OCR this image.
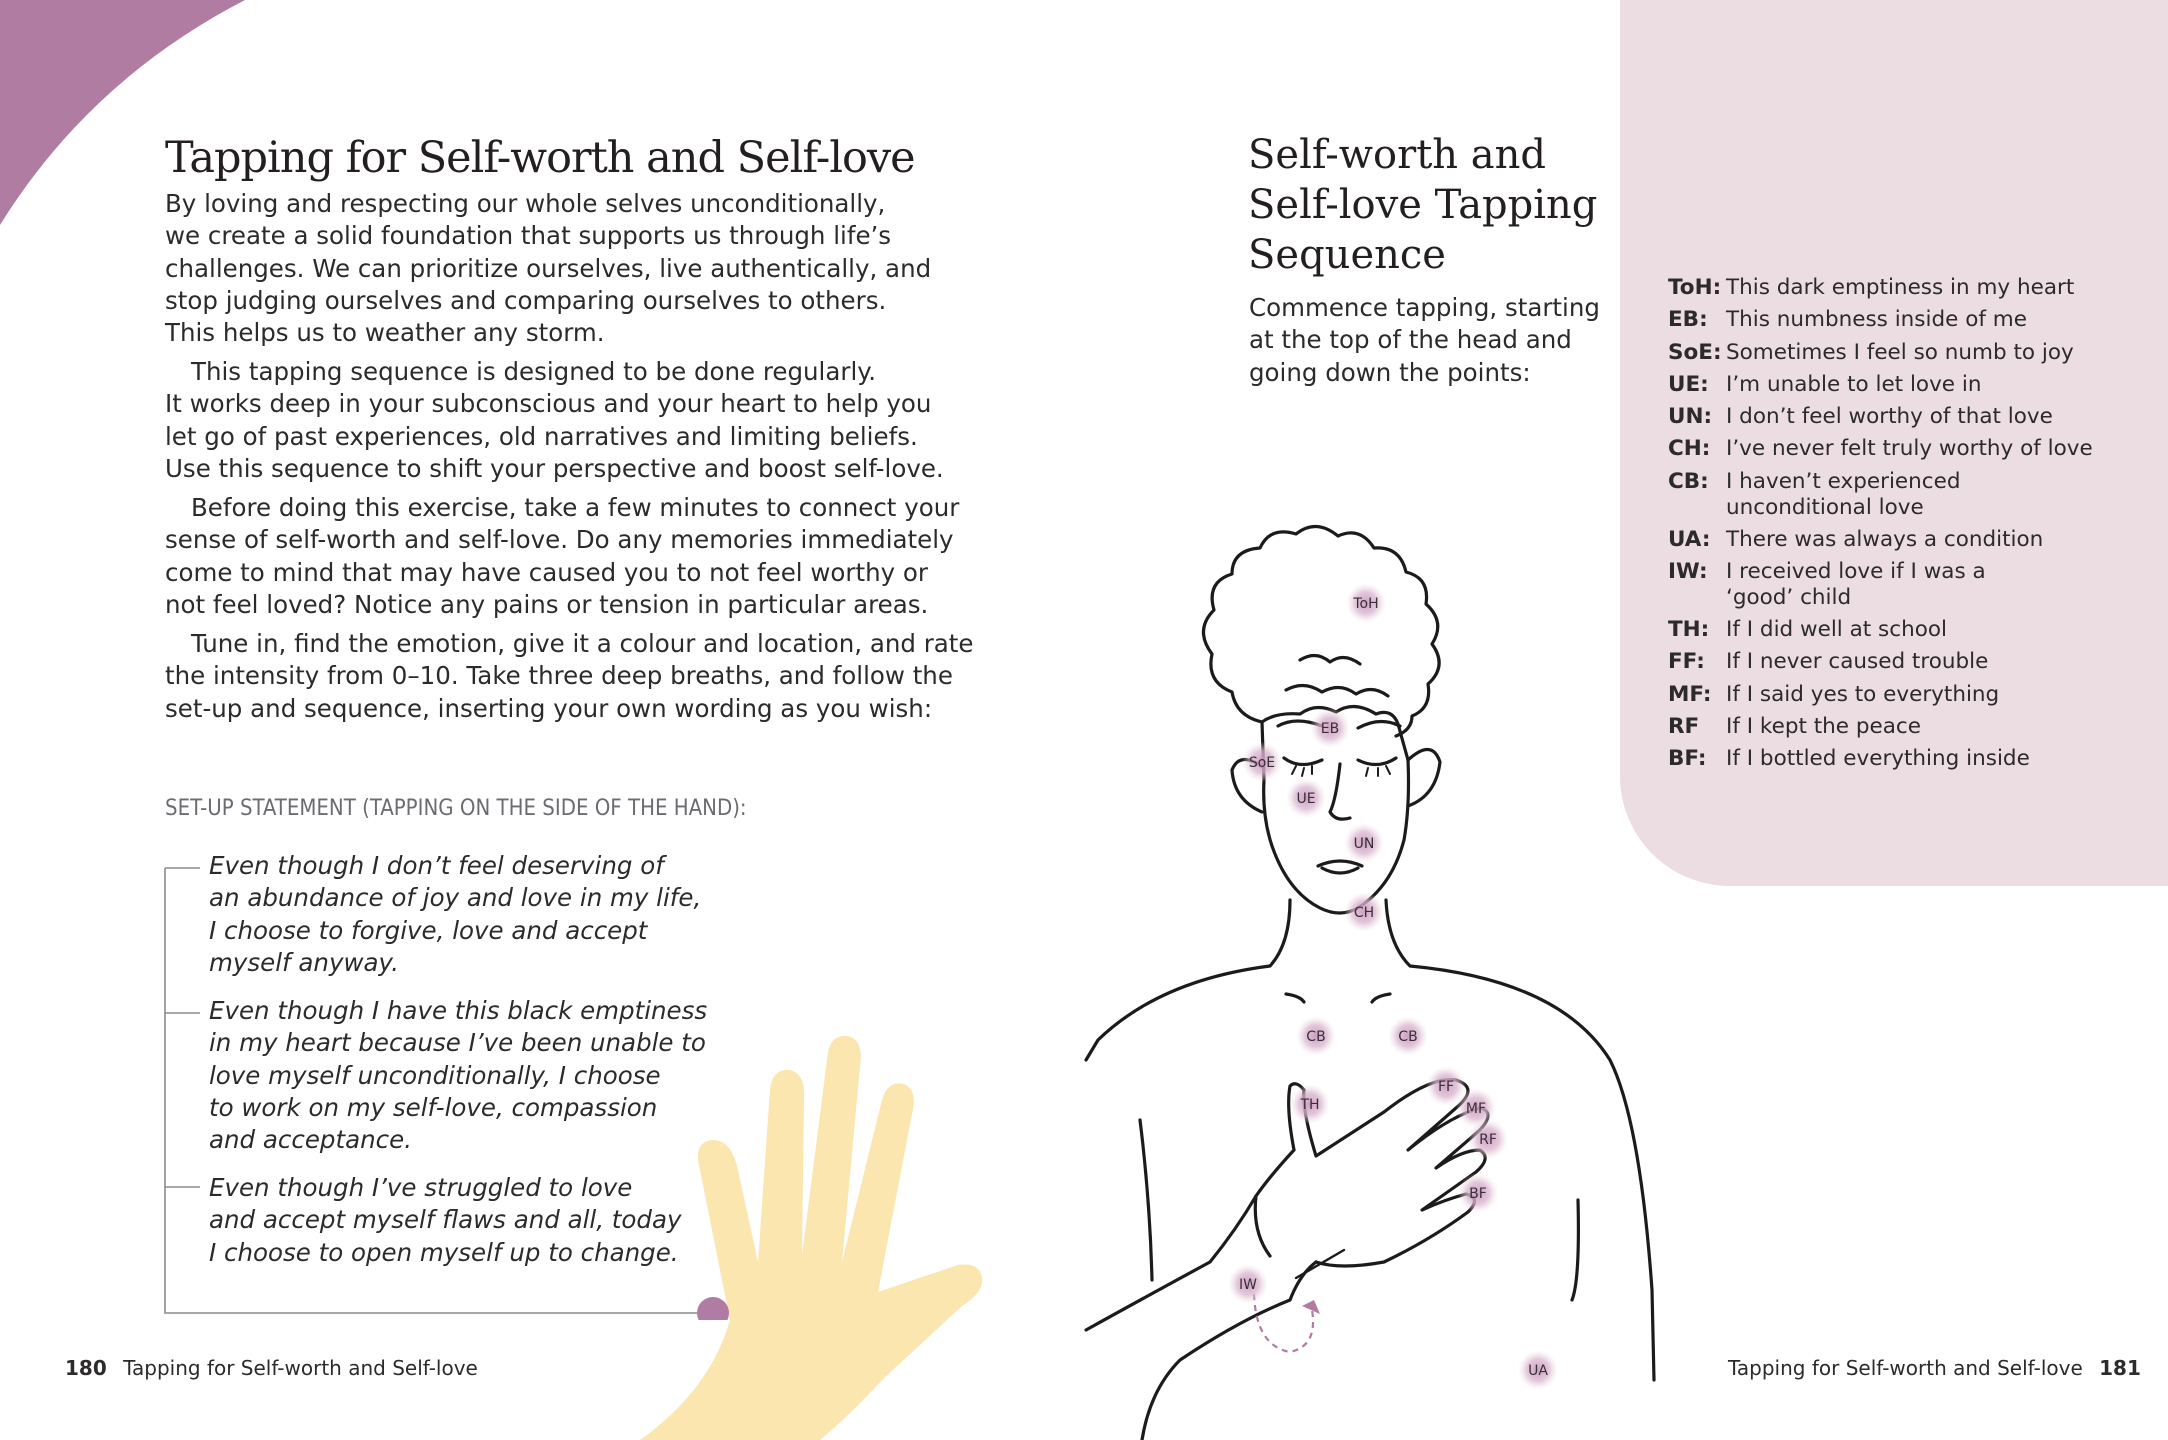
Tapping for Self-worth and Self-love
By loving and respecting our whole selves unconditionally,
we create a solid foundation that supports us through life’s
challenges. We can prioritize ourselves, live authentically, and
stop judging ourselves and comparing ourselves to others.
This helps us to weather any storm.
This tapping sequence is designed to be done regularly.
It works deep in your subconscious and your heart to help you
let go of past experiences, old narratives and limiting beliefs.
Use this sequence to shift your perspective and boost self-love.
Before doing this exercise, take a few minutes to connect your
sense of self-worth and self-love. Do any memories immediately
come to mind that may have caused you to not feel worthy or
not feel loved? Notice any pains or tension in particular areas.
Tune in, find the emotion, give it a colour and location, and rate
the intensity from 0–10. Take three deep breaths, and follow the
set-up and sequence, inserting your own wording as you wish:
SET-UP STATEMENT (TAPPING ON THE SIDE OF THE HAND):
Even though I don’t feel deserving of
an abundance of joy and love in my life,
I choose to forgive, love and accept
myself anyway.
Even though I have this black emptiness
in my heart because I’ve been unable to
love myself unconditionally, I choose
to work on my self-love, compassion
and acceptance.
Even though I’ve struggled to love
and accept myself flaws and all, today
I choose to open myself up to change.
180 Tapping for Self-worth and Self-love
Self-worth and
Self-love Tapping
Sequence
Commence tapping, starting
at the top of the head and
going down the points:
ToH: This dark emptiness in my heart
EB: This numbness inside of me
SoE: Sometimes I feel so numb to joy
UE: I’m unable to let love in
UN: I don’t feel worthy of that love
CH: I’ve never felt truly worthy of love
CB: I haven’t experienced
unconditional love
UA: There was always a condition
IW: I received love if I was a
‘good’ child
TH: If I did well at school
FF: If I never caused trouble
MF: If I said yes to everything
RF If I kept the peace
BF: If I bottled everything inside
ToH
EB
SoE
UE
UN
CH
CB	CB
TH
FF
MF
RF
BF
IW
UA	Tapping for Self-worth and Self-love 181
